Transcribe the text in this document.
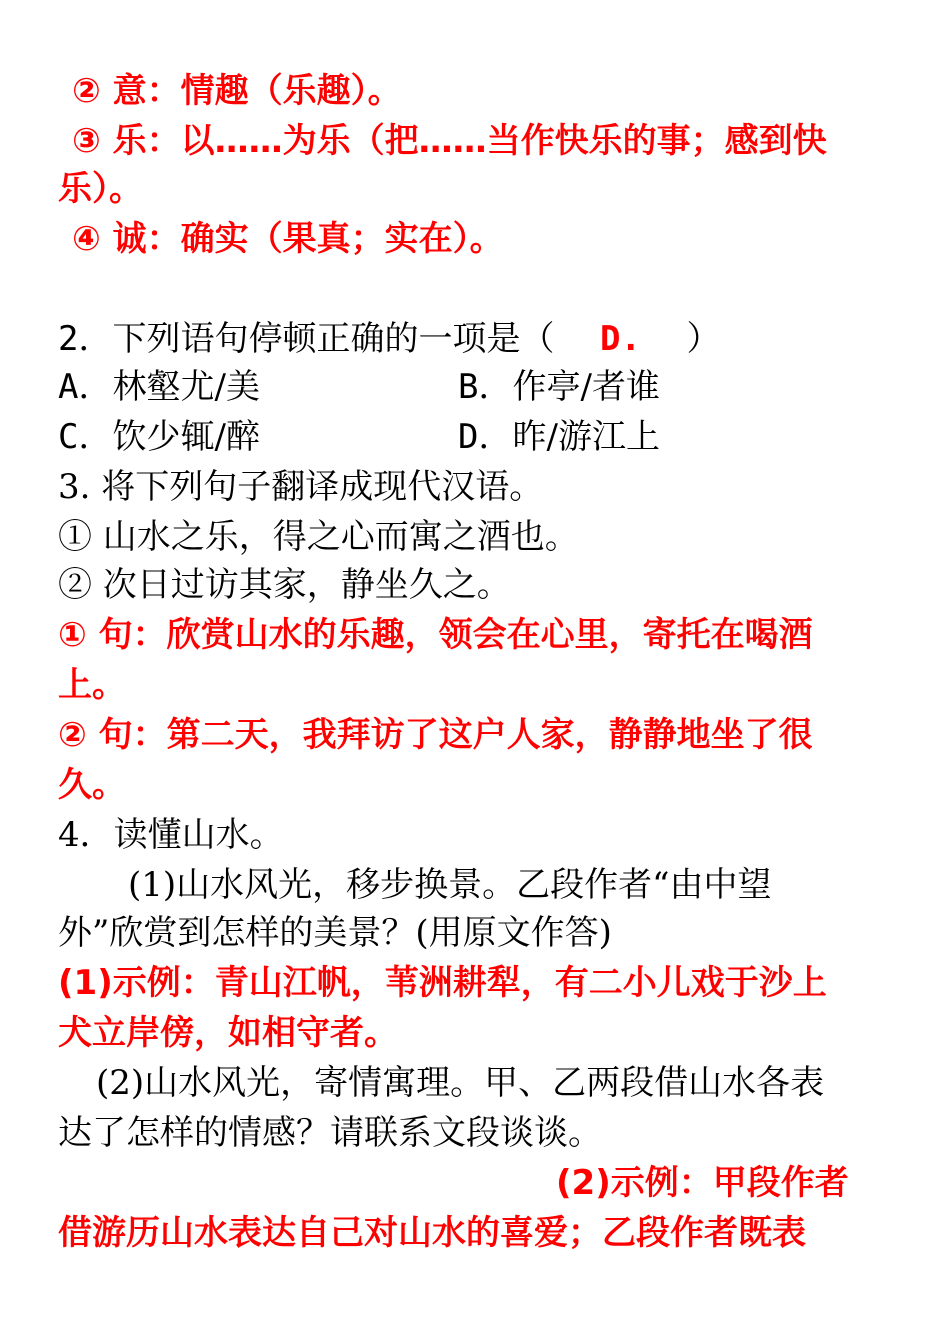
② 意：情趣（乐趣）。
③ 乐：以……为乐（把……当作快乐的事；感到快
乐）。
④ 诚：确实（果真；实在）。
2．下列语句停顿正确的一项是（ D. ）
A．林壑尤/美	B．作亭/者谁
C．饮少辄/醉	D．昨/游江上
3. 将下列句子翻译成现代汉语。
① 山水之乐，得之心而寓之酒也。
② 次日过访其家，静坐久之。
① 句：欣赏山水的乐趣，领会在心里，寄托在喝酒
上。
② 句：第二天，我拜访了这户人家，静静地坐了很
久。
4．读懂山水。
(1)山水风光，移步换景。乙段作者“由中望
外”欣赏到怎样的美景？(用原文作答)
(1)示例：青山江帆，苇洲耕犁，有二小儿戏于沙上
犬立岸傍，如相守者。
(2)山水风光，寄情寓理。甲、乙两段借山水各表
达了怎样的情感？请联系文段谈谈。
(2)示例：甲段作者
借游历山水表达自己对山水的喜爱；乙段作者既表
